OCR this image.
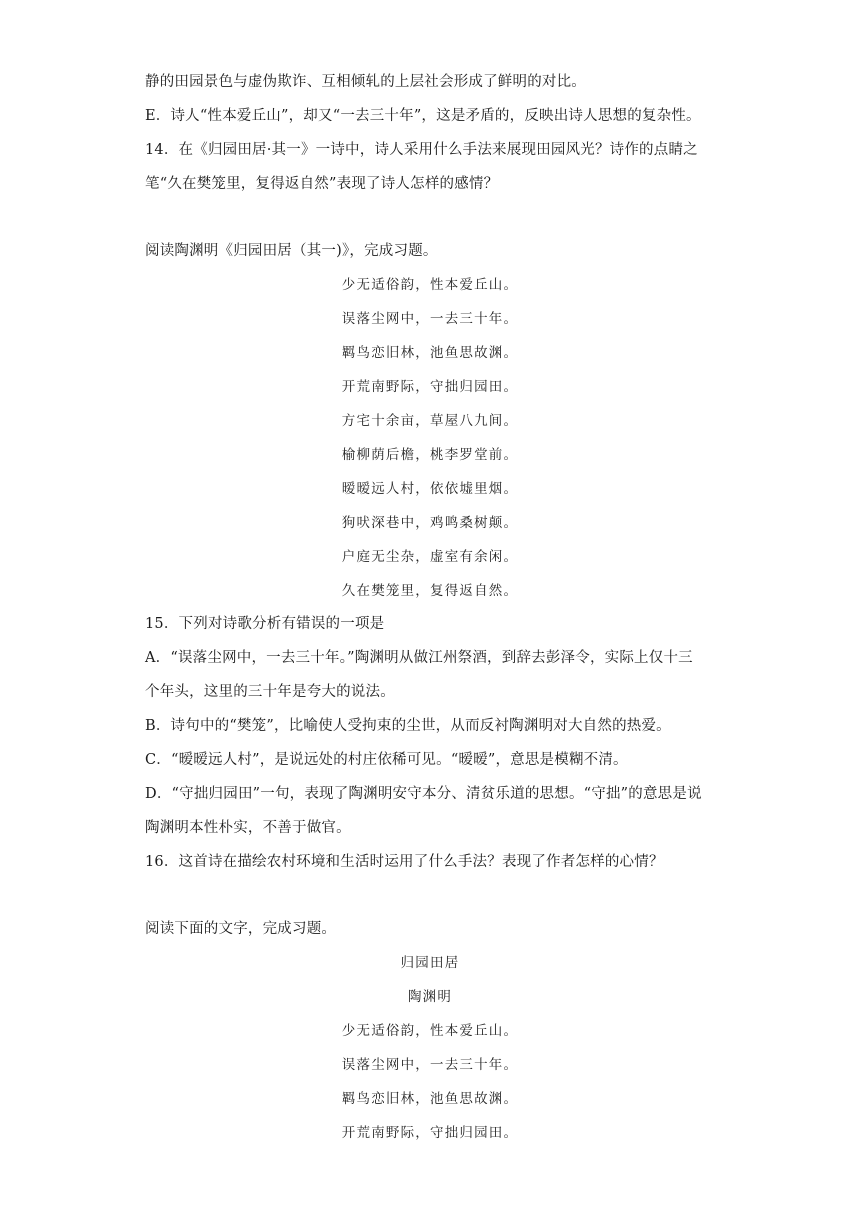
静的田园景色与虚伪欺诈、互相倾轧的上层社会形成了鲜明的对比。
E．诗人“性本爱丘山”，却又“一去三十年”，这是矛盾的，反映出诗人思想的复杂性。
14．在《归园田居·其一》一诗中，诗人采用什么手法来展现田园风光？诗作的点睛之
笔“久在樊笼里，复得返自然”表现了诗人怎样的感情？
阅读陶渊明《归园田居（其一)》，完成习题。
少无适俗韵，性本爱丘山。
误落尘网中，一去三十年。
羁鸟恋旧林，池鱼思故渊。
开荒南野际，守拙归园田。
方宅十余亩，草屋八九间。
榆柳荫后檐，桃李罗堂前。
暧暧远人村，依依墟里烟。
狗吠深巷中，鸡鸣桑树颠。
户庭无尘杂，虚室有余闲。
久在樊笼里，复得返自然。
15．下列对诗歌分析有错误的一项是
A．“误落尘网中，一去三十年。”陶渊明从做江州祭酒，到辞去彭泽令，实际上仅十三
个年头，这里的三十年是夸大的说法。
B．诗句中的“樊笼”，比喻使人受拘束的尘世，从而反衬陶渊明对大自然的热爱。
C．“暧暧远人村”，是说远处的村庄依稀可见。“暧暧”，意思是模糊不清。
D．“守拙归园田”一句，表现了陶渊明安守本分、清贫乐道的思想。“守拙”的意思是说
陶渊明本性朴实，不善于做官。
16．这首诗在描绘农村环境和生活时运用了什么手法？表现了作者怎样的心情？
阅读下面的文字，完成习题。
归园田居
陶渊明
少无适俗韵，性本爱丘山。
误落尘网中，一去三十年。
羁鸟恋旧林，池鱼思故渊。
开荒南野际，守拙归园田。
